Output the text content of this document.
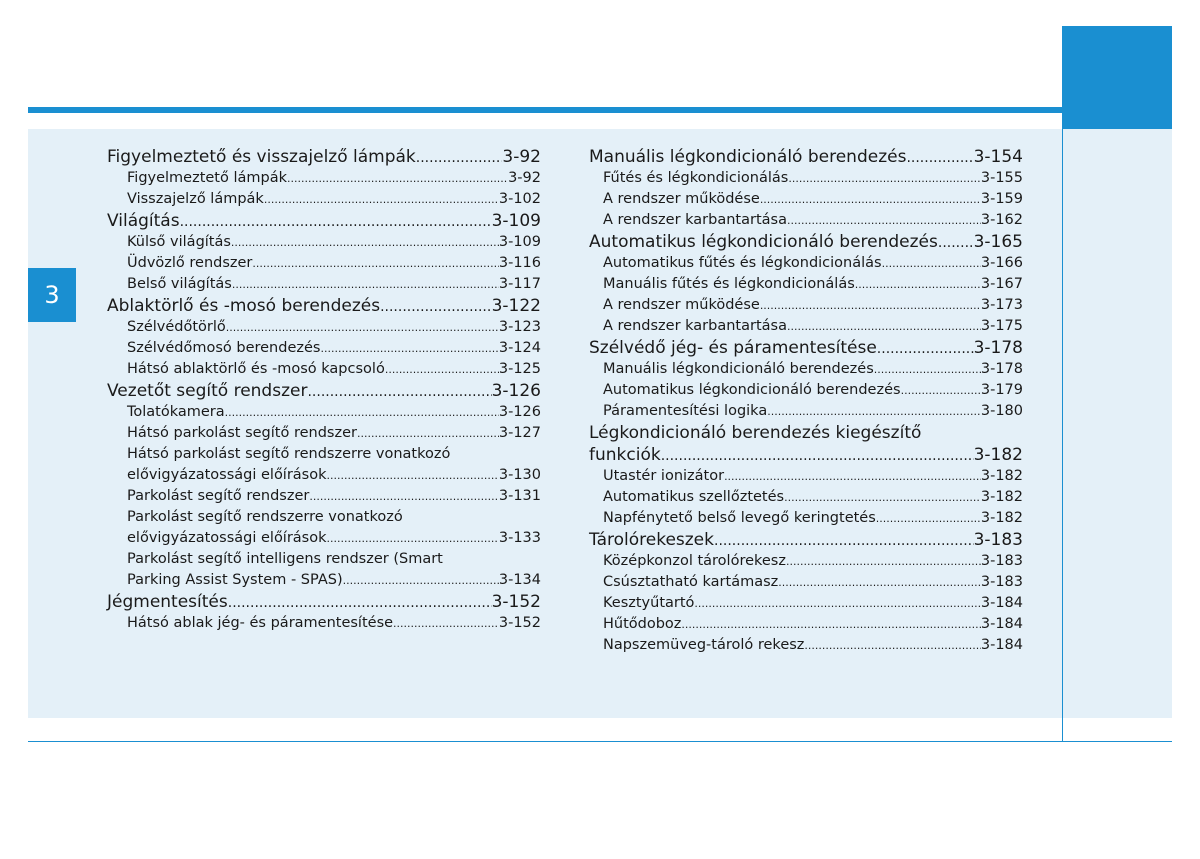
3
Figyelmeztető és visszajelző lámpák .....	3-92
Figyelmeztető lámpák .....	3-92
Visszajelző lámpák .....	3-102
Világítás .....	3-109
Külső világítás .....	3-109
Üdvözlő rendszer .....	3-116
Belső világítás .....	3-117
Ablaktörlő és -mosó berendezés .....	3-122
Szélvédőtörlő .....	3-123
Szélvédőmosó berendezés .....	3-124
Hátsó ablaktörlő és -mosó kapcsoló .....	3-125
Vezetőt segítő rendszer .....	3-126
Tolatókamera .....	3-126
Hátsó parkolást segítő rendszer .....	3-127
Hátsó parkolást segítő rendszerre vonatkozó
elővigyázatossági előírások .....	3-130
Parkolást segítő rendszer .....	3-131
Parkolást segítő rendszerre vonatkozó
elővigyázatossági előírások .....	3-133
Parkolást segítő intelligens rendszer (Smart
Parking Assist System - SPAS) .....	3-134
Jégmentesítés .....	3-152
Hátsó ablak jég- és páramentesítése .....	3-152
Manuális légkondicionáló berendezés .....	3-154
Fűtés és légkondicionálás .....	3-155
A rendszer működése .....	3-159
A rendszer karbantartása .....	3-162
Automatikus légkondicionáló berendezés ..... 3-165
Automatikus fűtés és légkondicionálás .....	3-166
Manuális fűtés és légkondicionálás .....	3-167
A rendszer működése .....	3-173
A rendszer karbantartása .....	3-175
Szélvédő jég- és páramentesítése .....	3-178
Manuális légkondicionáló berendezés .....	3-178
Automatikus légkondicionáló berendezés .....	3-179
Páramentesítési logika .....	3-180
Légkondicionáló berendezés kiegészítő
funkciók .....	3-182
Utastér ionizátor .....	3-182
Automatikus szellőztetés .....	3-182
Napfénytető belső levegő keringtetés .....	3-182
Tárolórekeszek .....	3-183
Középkonzol tárolórekesz .....	3-183
Csúsztatható kartámasz .....	3-183
Kesztyűtartó .....	3-184
Hűtődoboz .....	3-184
Napszemüveg-tároló rekesz .....	3-184
